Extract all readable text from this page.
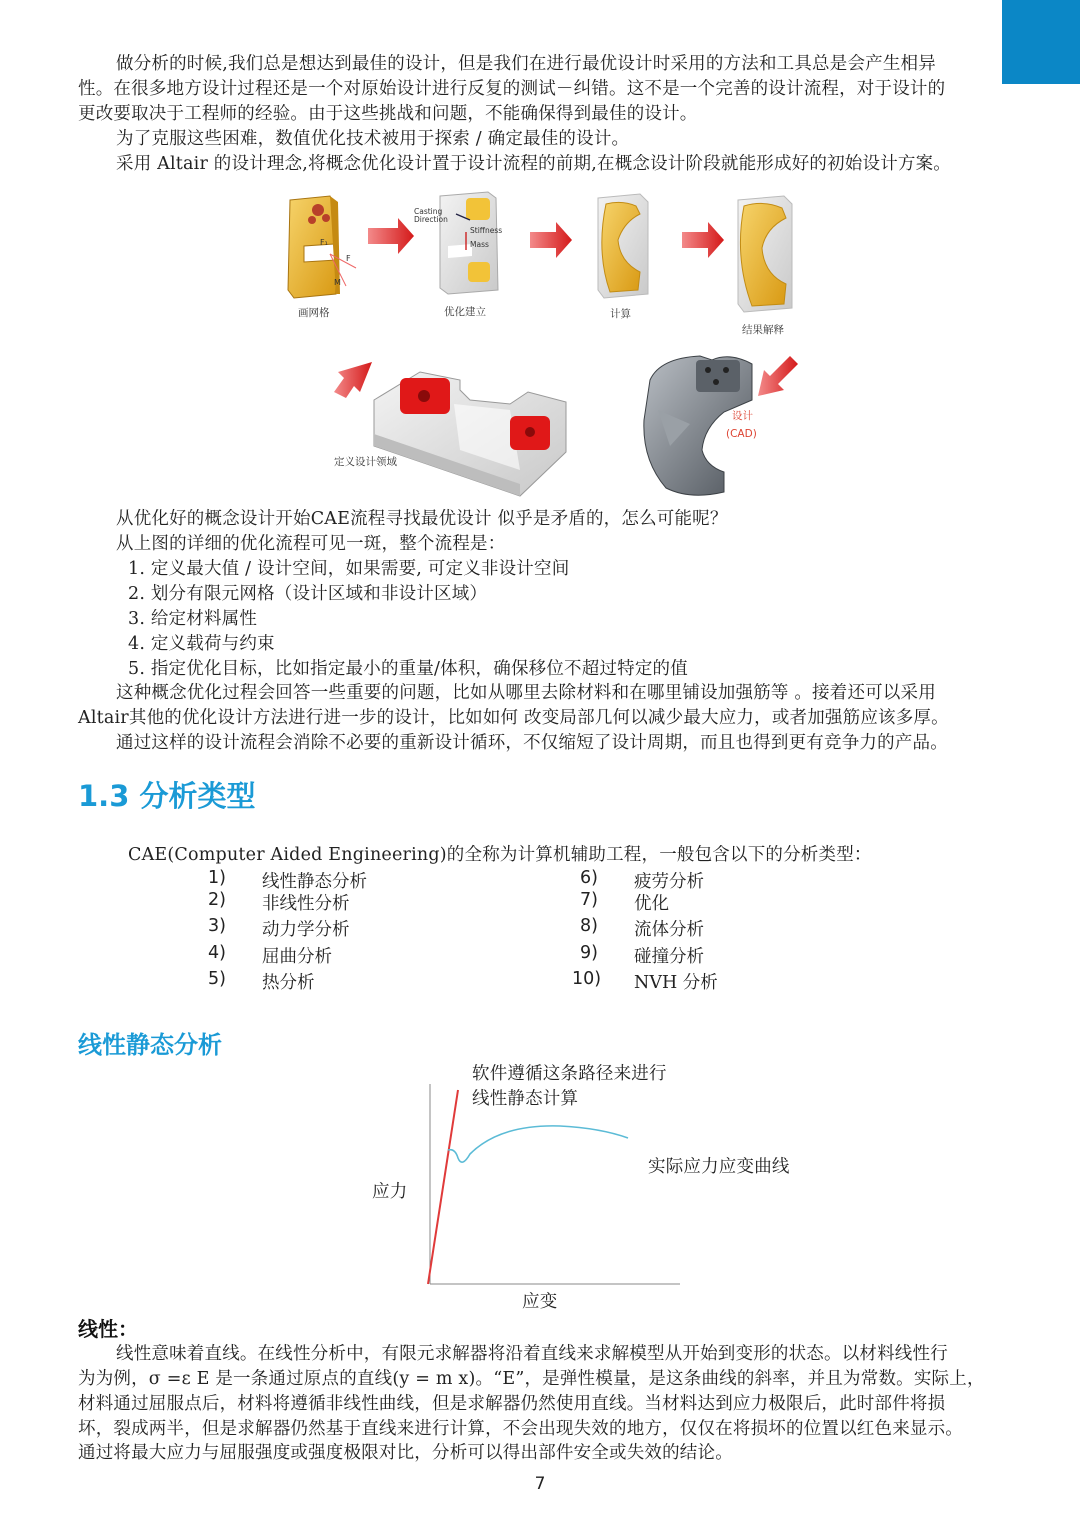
做分析的时候,我们总是想达到最佳的设计，但是我们在进行最优设计时采用的方法和工具总是会产生相异
性。在很多地方设计过程还是一个对原始设计进行反复的测试－纠错。这不是一个完善的设计流程，对于设计的
更改要取决于工程师的经验。由于这些挑战和问题，不能确保得到最佳的设计。
为了克服这些困难，数值优化技术被用于探索 / 确定最佳的设计。
采用 Altair 的设计理念,将概念优化设计置于设计流程的前期,在概念设计阶段就能形成好的初始设计方案。
画网格	优化建立	计算
结果解释
定义设计领域
设计
(CAD)
Casting Direction
Stiffness
Mass
F₁
F
M
从优化好的概念设计开始CAE流程寻找最优设计 似乎是矛盾的，怎么可能呢？
从上图的详细的优化流程可见一斑，整个流程是：
1. 定义最大值 / 设计空间，如果需要, 可定义非设计空间
2. 划分有限元网格（设计区域和非设计区域）
3. 给定材料属性
4. 定义载荷与约束
5. 指定优化目标，比如指定最小的重量/体积，确保移位不超过特定的值
这种概念优化过程会回答一些重要的问题，比如从哪里去除材料和在哪里铺设加强筋等 。接着还可以采用
Altair其他的优化设计方法进行进一步的设计，比如如何 改变局部几何以减少最大应力，或者加强筋应该多厚。
通过这样的设计流程会消除不必要的重新设计循环，不仅缩短了设计周期，而且也得到更有竞争力的产品。
1.3 分析类型
CAE(Computer Aided Engineering)的全称为计算机辅助工程，一般包含以下的分析类型：
1) 线性静态分析
2) 非线性分析
3) 动力学分析
4) 屈曲分析
5) 热分析
6) 疲劳分析
7) 优化
8) 流体分析
9) 碰撞分析
10) NVH 分析
线性静态分析
软件遵循这条路径来进行
线性静态计算
实际应力应变曲线
应力
应变
线性：
线性意味着直线。在线性分析中，有限元求解器将沿着直线来求解模型从开始到变形的状态。以材料线性行
为为例，σ =ε E 是一条通过原点的直线(y = m x)。“E”，是弹性模量，是这条曲线的斜率，并且为常数。实际上，
材料通过屈服点后，材料将遵循非线性曲线，但是求解器仍然使用直线。当材料达到应力极限后，此时部件将损
坏，裂成两半，但是求解器仍然基于直线来进行计算，不会出现失效的地方，仅仅在将损坏的位置以红色来显示。
通过将最大应力与屈服强度或强度极限对比，分析可以得出部件安全或失效的结论。
7
